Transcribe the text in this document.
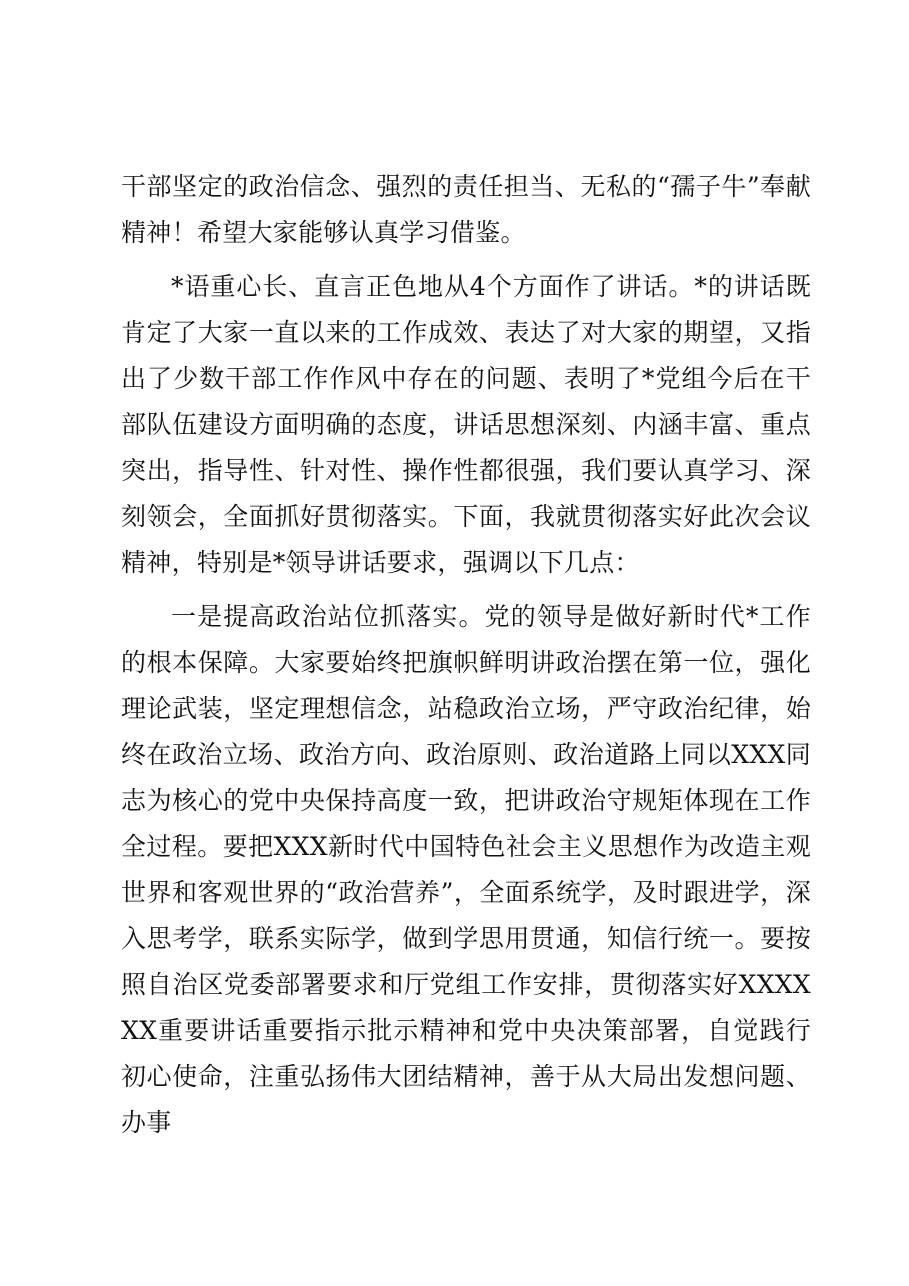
干部坚定的政治信念、强烈的责任担当、无私的“孺子牛”奉献精神！希望大家能够认真学习借鉴。

*语重心长、直言正色地从4个方面作了讲话。*的讲话既肯定了大家一直以来的工作成效、表达了对大家的期望，又指出了少数干部工作作风中存在的问题、表明了*党组今后在干部队伍建设方面明确的态度，讲话思想深刻、内涵丰富、重点突出，指导性、针对性、操作性都很强，我们要认真学习、深刻领会，全面抓好贯彻落实。下面，我就贯彻落实好此次会议精神，特别是*领导讲话要求，强调以下几点：

一是提高政治站位抓落实。党的领导是做好新时代*工作的根本保障。大家要始终把旗帜鲜明讲政治摆在第一位，强化理论武装，坚定理想信念，站稳政治立场，严守政治纪律，始终在政治立场、政治方向、政治原则、政治道路上同以XXX同志为核心的党中央保持高度一致，把讲政治守规矩体现在工作全过程。要把XXX新时代中国特色社会主义思想作为改造主观世界和客观世界的“政治营养”，全面系统学，及时跟进学，深入思考学，联系实际学，做到学思用贯通，知信行统一。要按照自治区党委部署要求和厅党组工作安排，贯彻落实好XXXXXX重要讲话重要指示批示精神和党中央决策部署，自觉践行初心使命，注重弘扬伟大团结精神，善于从大局出发想问题、办事
